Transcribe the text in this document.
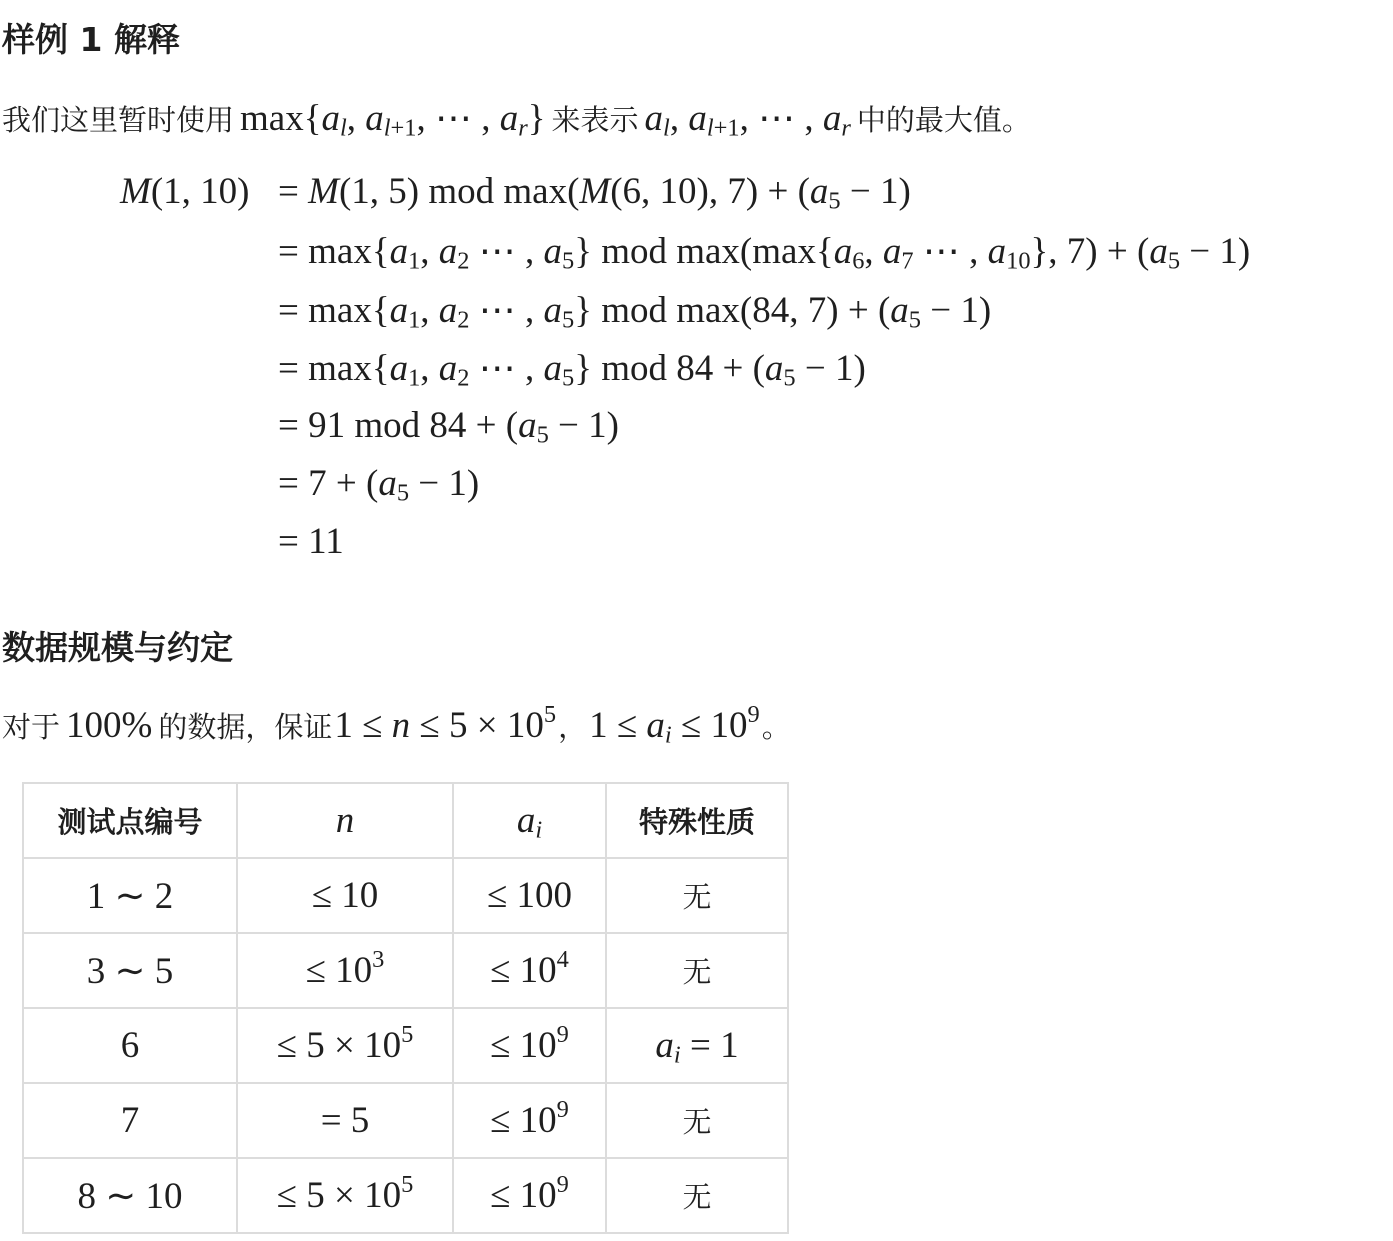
样例 1 解释
我们这里暂时使用 $\max\{a_l$, $a_{l+1}$, ⋯ , $a_r$} 来表示 $a_l$, $a_{l+1}$, ⋯ , $a_r$ 中的最大值。
M(1, 10) = M(1, 5) mod max(M(6, 10), $7) + (a_5 - 1)$
= $\max\{a_1$, $a_2$ ⋯ , $a_5$} mod $\max(\max\{a_6$, $a_7$ ⋯ , $a_{10}$}, $7) + (a_5 - 1)$
= $\max\{a_1$, $a_2$ ⋯ , $a_5$} mod max(84, $7) + (a_5 - 1)$
= $\max\{a_1$, $a_2$ ⋯ , $a_5$} mod $84 + (a_5 - 1)$
= 91 mod $84 + (a_5 - 1)$
= $7 + (a_5 - 1)$
= 11
数据规模与约定
对于 100% 的数据，保证 $1 \le n \le 5 \times 10^5$ ， $1 \le a_i \le 10^9$ 。
测试点编号	n	$a_i$	特殊性质
1 ∼ 2	≤ 10	≤ 100	无
3 ∼ 5	≤ $10^3$	≤ $10^4$	无
6	≤ $5 \times 10^5$	≤ $10^9$	$a_i = 1$
7	= 5	≤ $10^9$	无
8 ∼ 10	≤ $5 \times 10^5$	≤ $10^9$	无
